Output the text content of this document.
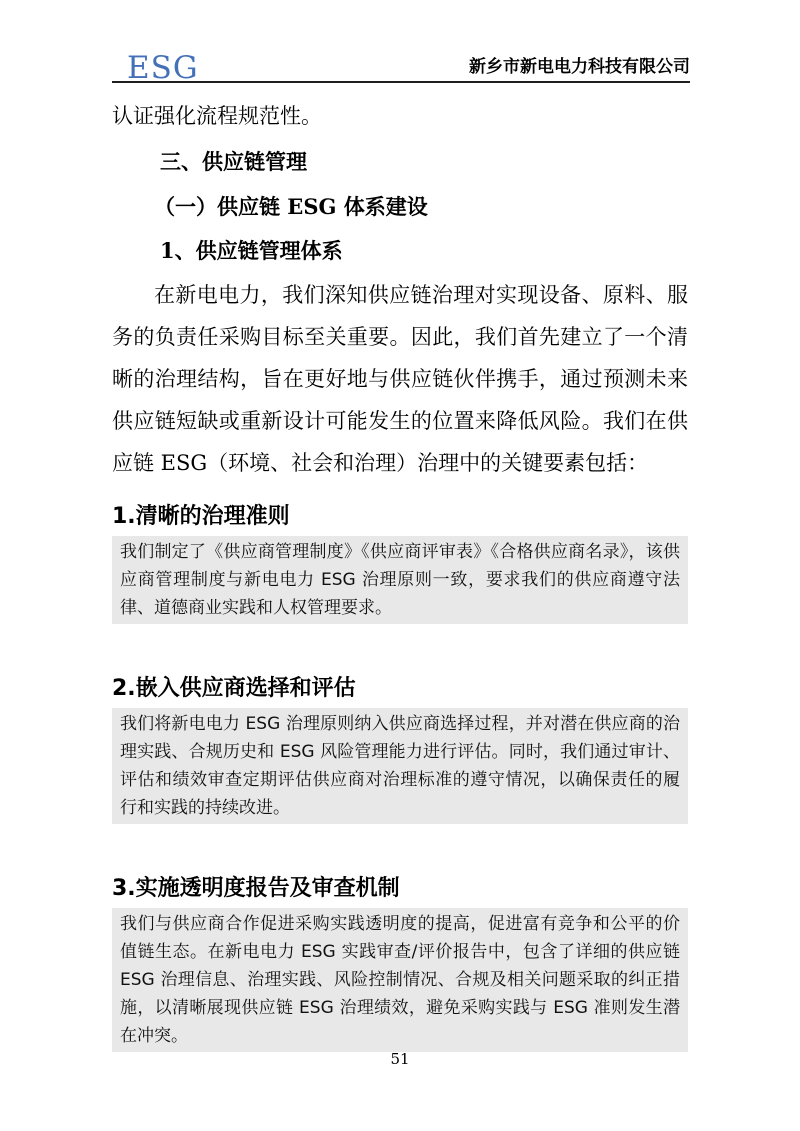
ESG	新乡市新电电力科技有限公司

认证强化流程规范性。

三、供应链管理
（一）供应链 ESG 体系建设
1、供应链管理体系

在新电电力，我们深知供应链治理对实现设备、原料、服务的负责任采购目标至关重要。因此，我们首先建立了一个清晰的治理结构，旨在更好地与供应链伙伴携手，通过预测未来供应链短缺或重新设计可能发生的位置来降低风险。我们在供应链 ESG（环境、社会和治理）治理中的关键要素包括：

1.清晰的治理准则
我们制定了《供应商管理制度》《供应商评审表》《合格供应商名录》，该供应商管理制度与新电电力 ESG 治理原则一致，要求我们的供应商遵守法律、道德商业实践和人权管理要求。
2.嵌入供应商选择和评估
我们将新电电力 ESG 治理原则纳入供应商选择过程，并对潜在供应商的治理实践、合规历史和 ESG 风险管理能力进行评估。同时，我们通过审计、评估和绩效审查定期评估供应商对治理标准的遵守情况，以确保责任的履行和实践的持续改进。
3.实施透明度报告及审查机制
我们与供应商合作促进采购实践透明度的提高，促进富有竞争和公平的价值链生态。在新电电力 ESG 实践审查/评价报告中，包含了详细的供应链 ESG 治理信息、治理实践、风险控制情况、合规及相关问题采取的纠正措施，以清晰展现供应链 ESG 治理绩效，避免采购实践与 ESG 准则发生潜在冲突。
51
